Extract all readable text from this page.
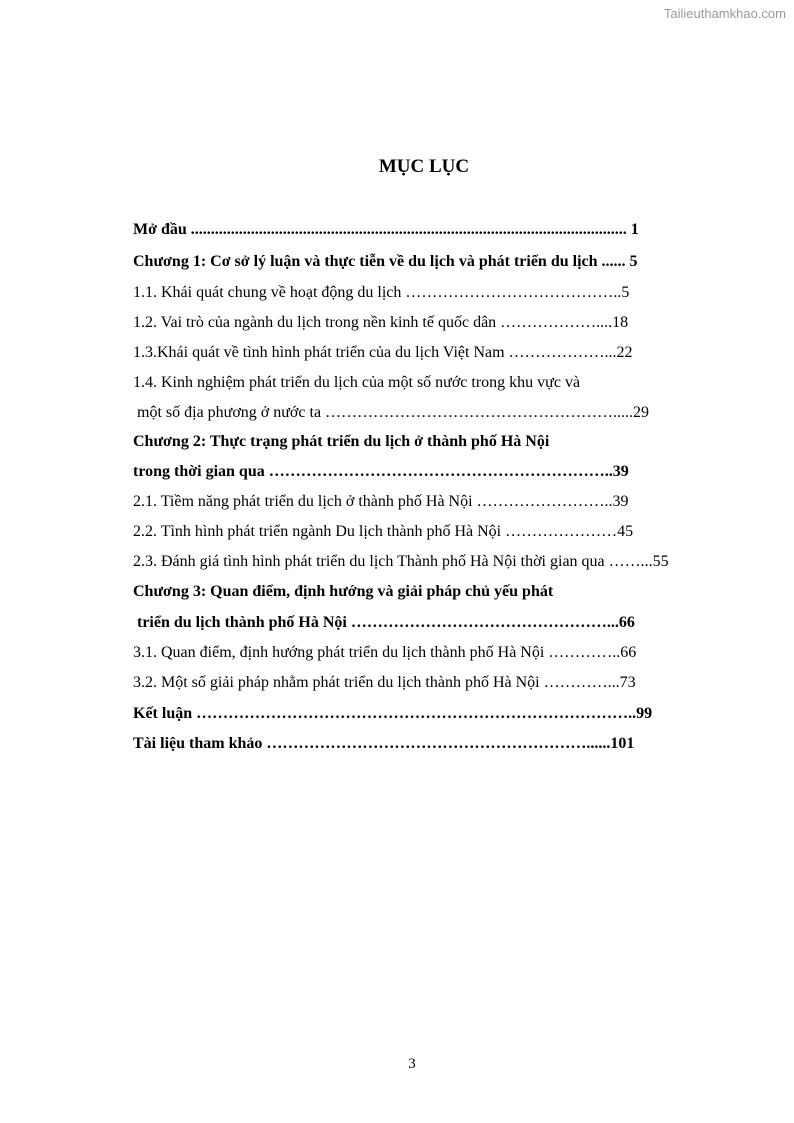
Tailieuthamkhao.com
MỤC LỤC
Mở đầu ............................................................................................................. 1
Chương 1: Cơ sở lý luận và thực tiễn về du lịch và phát triển du lịch ...... 5
1.1. Khái quát chung về hoạt động du lịch …………………………………..5
1.2. Vai trò của ngành du lịch trong nền kinh tế quốc dân ………………....18
1.3.Khái quát về tình hình phát triển của du lịch Việt Nam ………………...22
1.4. Kinh nghiệm phát triển du lịch của một số nước trong khu vực và
một số địa phương ở nước ta ……………………………………………….....29
Chương 2: Thực trạng phát triển du lịch ở thành phố Hà Nội
trong thời gian qua ………………………………………………………..39
2.1. Tiềm năng phát triển du lịch ở thành phố Hà Nội ……………………..39
2.2. Tình hình phát triển ngành Du lịch thành phố Hà Nội …………………45
2.3. Đánh giá tình hình phát triển du lịch Thành phố Hà Nội thời gian qua ……...55
Chương 3: Quan điểm, định hướng và giải pháp chủ yếu phát
triển du lịch thành phố Hà Nội …………………………………………...66
3.1. Quan điểm, định hướng phát triển du lịch thành phố Hà Nội …………..66
3.2. Một số giải pháp nhằm phát triển du lịch thành phố Hà Nội …………...73
Kết luận ………………………………………………………………………..99
Tài liệu tham khảo ……………………………………………………......101
3
